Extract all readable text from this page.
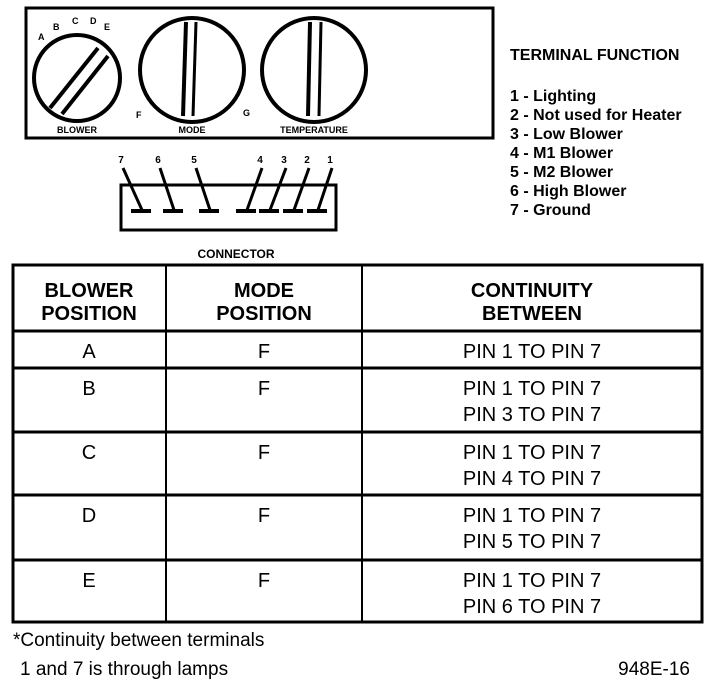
A
B
C D
E
BLOWER
F	G
MODE	TEMPERATURE
7	6	5	4 3 2 1
CONNECTOR
TERMINAL FUNCTION
1 - Lighting
2 - Not used for Heater
3 - Low Blower
4 - M1 Blower
5 - M2 Blower
6 - High Blower
7 - Ground
BLOWER
POSITION
MODE
POSITION
CONTINUITY
BETWEEN
A	F	PIN 1 TO PIN 7
B	F	PIN 1 TO PIN 7
PIN 3 TO PIN 7
C	F	PIN 1 TO PIN 7
PIN 4 TO PIN 7
D	F	PIN 1 TO PIN 7
PIN 5 TO PIN 7
E	F	PIN 1 TO PIN 7
PIN 6 TO PIN 7
*Continuity between terminals
1 and 7 is through lamps	948E-16
